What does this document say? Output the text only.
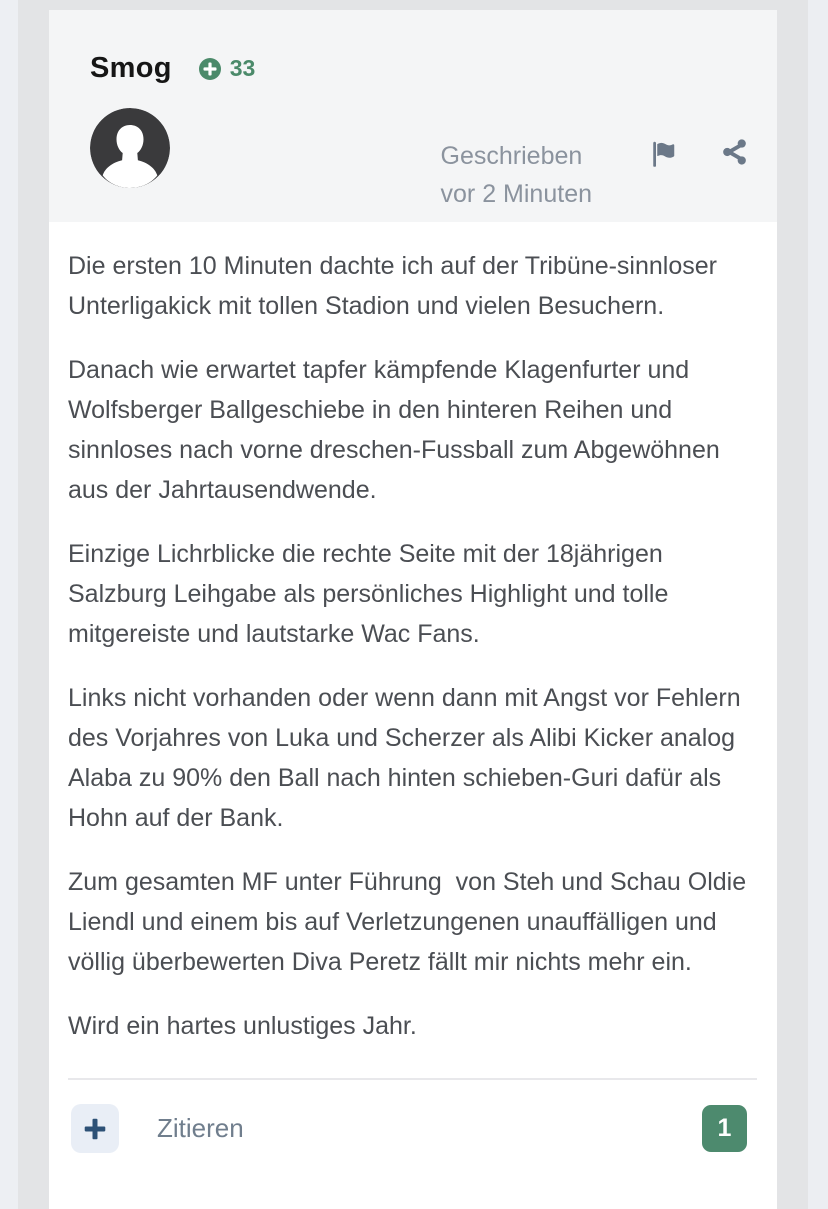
Smog	33
Geschrieben
vor 2 Minuten

Die ersten 10 Minuten dachte ich auf der Tribüne-sinnloser Unterligakick mit tollen Stadion und vielen Besuchern.

Danach wie erwartet tapfer kämpfende Klagenfurter und Wolfsberger Ballgeschiebe in den hinteren Reihen und sinnloses nach vorne dreschen-Fussball zum Abgewöhnen aus der Jahrtausendwende.

Einzige Lichrblicke die rechte Seite mit der 18jährigen Salzburg Leihgabe als persönliches Highlight und tolle mitgereiste und lautstarke Wac Fans.

Links nicht vorhanden oder wenn dann mit Angst vor Fehlern des Vorjahres von Luka und Scherzer als Alibi Kicker analog Alaba zu 90% den Ball nach hinten schieben-Guri dafür als Hohn auf der Bank.

Zum gesamten MF unter Führung  von Steh und Schau Oldie Liendl und einem bis auf Verletzungenen unauffälligen und völlig überbewerten Diva Peretz fällt mir nichts mehr ein.

Wird ein hartes unlustiges Jahr.

Zitieren	1
